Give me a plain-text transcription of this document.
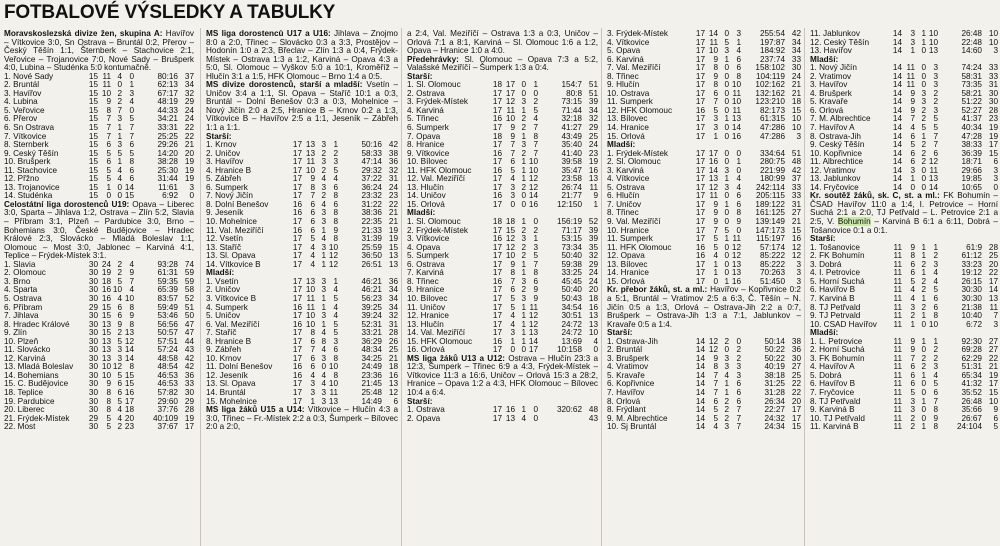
FOTBALOVÉ VÝSLEDKY A TABULKY

Moravskoslezská divize žen, skupina A: Havířov – Vítkovice 3:0, Sn Ostrava – Bruntál 0:2, Přerov – Český Těšín 1:1, Šternberk – Stachovice 2:1, Veřovice – Trojanovice 7:0, Nové Sady – Brušperk 4:0, Lubina – Studénka 5:0 kontumačně.

1. Nové Sady	15 11 4 0	80:16 37
2. Bruntál	15 11 0 1	62:13 34
3. Havířov	15 10 2 3	67:17 32
4. Lubina	15	9 2 4	48:19 29
5. Veřovice	15	8 7 0	44:33 24
6. Přerov	15	7 3 5	34:21 24
6. Sn Ostrava	15	7 1 7	33:31 22
7. Vítkovice	15	7 1 7	25:25 22
8. Šternberk	15	6 3 6	29:26 21
9. Český Těšín	15	5 5 5	14:20 20
10. Brušperk	15	6 1 8	38:28 19
11. Stachovice	15	5 4 6	25:30 19
12. Přžno	15	5 4 6	31:44 19
13. Trojanovice	15	1 0 14	11:61	3
14. Studénka	15	0 0 15	6:92	0

Celostátní liga dorostenců U19: Opava – Liberec 3:0, Sparta – Jihlava 1:2, Ostrava – Zlín 5:2, Slavia – Příbram 3:1, Plzeň – Pardubice 3:0, Brno – Bohemians 3:0, České Budějovice – Hradec Králové 2:3, Slovácko – Mladá Boleslav 1:1, Olomouc – Most 3:0, Jablonec – Karviná 4:1, Teplice – Frýdek-Místek 3:1.

1. Slavia	30 24 2 4	93:28 74
2. Olomouc	30 19 2 9	61:31 59
3. Brno	30 18 5 7	59:35 59
4. Sparta	30 16 10 4	65:39 58
5. Ostrava	30 16 4 10	83:57 52
6. Příbram	29 15 6 8	59:49 51
7. Jihlava	30 15 6 9	53:46 50
8. Hradec Králové	30 13 9 8	56:56 47
9. Zlín	30 15 2 13	50:57 47
10. Plzeň	30 13 5 12	57:51 44
11. Slovácko	30 13 3 14	57:24 43
12. Karviná	30 13 3 14	48:58 42
13. Mladá Boleslav	30 10 12 8	48:54 42
14. Bohemians	30 10 5 15	46:53 36
15. Č. Budějovice	30	9 6 15	46:53 33
18. Teplice	30	8 6 16	57:82 30
19. Pardubice	30	8 5 17	29:60 29
20. Liberec	30	8 4 18	37:76 28
21. Frýdek-Místek	29	5 4 20	40:109 19
22. Most	30	5 2 23	37:67 17

MS liga dorostenců U17 a U16: Jihlava – Znojmo 8:0 a 2:0, Třinec – Slovácko 0:3 a 3:3, Prostějov – Hodonín 1:0 a 2:3, Břeclav – Zlín 1:3 a 0:4, Frýdek-Místek – Ostrava 1:3 a 1:2, Karviná – Opava 4:3 a 5:0, Sl. Olomouc – Vyškov 5:0 a 10:1, Kroměříž – Hlučín 3:1 a 1:5, HFK Olomouc – Brno 1:4 a 0:5.

MS divize dorostenců, starší a mladší: Vsetín – Uničov 3:4 a 1:1, Sl. Opava – Staříč 10:1 a 0:3, Bruntál – Dolní Benešov 0:3 a 0:3, Mohelnice – Nový Jičín 2:0 a 2:5, Hranice B – Krnov 0:2 a 1:3, Vítkovice B – Havířov 2:5 a 1:1, Jeseník – Zábřeh 1:1 a 1:1.

Starší:
1. Krnov	17 13 3 1	50:16 42
2. Uničov	17 13 2 2	58:33 38
3. Havířov	17 11 3 3	47:14 36
4. Hranice B	17 10 2 5	29:32 32
5. Zábřeh	17	9 4 4	37:22 31
6. Šumperk	17	8 3 6	36:24 24
7. Nový Jičín	17	7 2 8	23:32 23
8. Dolní Benešov	16	6 4 6	31:22 22
9. Jeseník	16	6 3 8	38:36 21
10. Mohelnice	17	6 3 8	22:35 21
11. Val. Meziříčí	16	6 1 9	21:33 19
12. Vsetín	17	5 4 8	31:39 19
13. Staříč	17	4 3 10	25:59 15
13. Sl. Opava	17	4 1 12	36:50 13
14. Vítkovice B	17	4 1 12	26:51 13
Mladší:
1. Vsetín	17 13 3 1	46:21 36
2. Uničov	17 10 3 4	46:21 34
3. Vítkovice B	17 11 1 5	56:23 34
4. Šumperk	16 11 1 4	39:25 34
5. Uničov	17 10 3 4	39:24 32
6. Val. Meziříčí	16 10 1 5	52:31 31
7. Staříč	17	8 4 5	33:21 28
8. Hranice B	17	6 8 3	36:29 26
9. Zábřeh	17	7 4 6	48:34 25
10. Krnov	17	6 3 8	34:25 21
11. Dolní Benešov	16	6 0 10	24:49 18
12. Jeseník	16	4 4 8	23:36 16
13. Sl. Opava	17	3 4 10	21:45 13
14. Bruntál	17	3 3 11	25:48 12
15. Mohelnice	17	1 3 13	14:49	6

MS liga žáků U15 a U14: Vítkovice – Hlučín 4:3 a 3:0, Třinec – Fr.-Místek 2:2 a 0:3, Šumperk – Bílovec 2:0 a 2:0,

a 2:4, Val. Meziříčí – Ostrava 1:3 a 0:3, Uničov – Orlová 7:1 a 8:1, Karviná – Sl. Olomouc 1:6 a 1:2, Opava – Hranice 1:0 a 4:0.

Předehrávky: Sl. Olomouc – Opava 7:3 a 5:2, Valašské Meziříčí – Šumperk 1:3 a 0:4.

Starší:
1. Sl. Olomouc	18 17 0 1	154:7 51
2. Ostrava	17 17 0 0	80:8 51
3. Frýdek-Místek	17 12 3 2	73:15 39
4. Karviná	17 11 1 5	71:44 34
5. Třinec	16 10 2 4	32:18 32
6. Šumperk	17	9 2 7	41:27 29
7. Opava	18	9 1 8	43:49 25
8. Hranice	17	7 3 7	35:40 24
9. Vítkovice	16	7 2 7	41:40 23
10. Bílovec	17	6 1 10	39:58 19
11. HFK Olomouc	16	5 1 10	35:47 16
12. Val. Meziříčí	17	4 1 12	23:58 13
13. Hlučín	17	3 2 12	26:74 11
14. Uničov	16	3 0 14	21:77	9
15. Orlová	17	0 0 16	12:150	1
Mladší:
1. Sl. Olomouc	18 18 1 0	156:19 52
2. Frýdek-Místek	17 15 2 2	71:17 39
3. Vítkovice	16 12 3 1	53:15 39
4. Opava	17 12 2 3	73:34 35
5. Šumperk	17 10 2 5	50:40 32
6. Ostrava	17	9 1 7	59:38 29
7. Karviná	17	8 1 8	33:25 24
8. Třinec	16	7 3 6	45:45 24
9. Hranice	17	6 2 9	50:40 20
10. Bílovec	17	5 3 9	50:43 18
11. Uničov	17	5 1 11	34:54 16
12. Hranice	17	4 1 12	30:51 13
13. Hlučín	17	4 1 12	24:72 13
14. Val. Meziříčí	17	3 1 13	24:72 10
15. HFK Olomouc	16	1 1 14	13:69	4
16. Orlová	17	0 0 17	10:158	0

MS liga žáků U13 a U12: Ostrava – Hlučín 23:3 a 12:3, Šumperk – Třinec 6:9 a 4:3, Frýdek-Místek – Vítkovice 11:3 a 16:6, Uničov – Orlová 15:3 a 28:2, Hranice – Opava 1:2 a 4:3, HFK Olomouc – Bílovec 10:4 a 6:4.

Starší:
1. Ostrava	17 16 1 0	320:62 48
2. Opava	17 13 4 0	43
3. Frýdek-Místek	17 14 0 3	255:54 42
4. Vítkovice	17 11 5 1	197:87 34
5. Opava	17 10 3 4	184:92 34
6. Karviná	17	9 1 6	237:74 33
7. Val. Meziříčí	17	8 0 6	158:102 30
8. Třinec	17	9 0 8	104:119 24
9. Hlučín	17	8 0 10	102:162 21
10. Ostrava	17	6 0 11	132:162 21
11. Šumperk	17	7 0 10	123:210 18
12. HFK Olomouc	16	5 0 11	82:173 15
13. Bílovec	17	3 1 13	61:315 10
14. Hranice	17	3 0 14	47:286 10
15. Orlová	17	1 0 16	47:286	3
Mladší:
1. Frýdek-Místek	17 17 0 0	334:64 51
2. Sl. Olomouc	17 16 0 1	280:75 48
3. Karviná	17 14 3 0	221:99 42
4. Vítkovice	17 13 1 4	180:99 37
5. Ostrava	17 12 3 4	242:114 33
6. Hlučín	17 11 0 6	205:115 33
7. Uničov	17	9 1 6	189:122 31
8. Třinec	17	9 0 8	161:125 27
9. Val. Meziříčí	17	9 0 9	139:149 21
10. Hranice	17	7 5 0	147:173 15
11. Šumperk	17	5 1 11	115:197 16
11. HFK Olomouc	16	5 0 12	57:174 12
12. Opava	16	4 0 12	85:222 12
13. Bílovec	17	1 0 13	85:222	3
14. Hranice	17	1 0 13	70:263	3
15. Orlová	17	0 1 16	51:450	3

Kr. přebor žáků, st. a ml.: Havířov – Kopřivnice 0:2 a 5:1, Bruntál – Vratimov 2:5 a 6:3, Č. Těšín – N. Jičín 0:5 a 1:3, Orlová – Ostrava-Jih 2:2 a 0:7, Brušperk – Ostrava-Jih 1:3 a 7:1, Jablunkov – Kravaře 0:5 a 1:4.

Starší:
1. Ostrava-Jih	14 12 2 0	50:14 38
2. Bruntál	14 12 0 2	50:22 36
3. Brušperk	14	9 3 2	50:22 30
4. Vratimov	14	8 3 3	40:19 27
5. Kravaře	14	7 4 3	38:18 25
6. Kopřivnice	14	7 1 6	31:25 22
7. Havířov	14	7 1 6	31:28 22
8. Orlová	14	6 2 6	26:34 20
8. Frýdlant	14	5 2 7	22:27 17
9. M. Albrechtice	14	5 2 7	24:32 17
10. Sj Bruntál	14	4 3 7	24:34 15
11. Jablunkov	14	3 1 10	26:48 10
12. Český Těšín	14	3 1 10	22:48 10
13. Havířov	14	1 0 13	14:60	3
Mladší:
1. Nový Jičín	14 11 0 3	74:24 33
2. Vratimov	14 11 0 3	58:31 33
3. Havířov	14 11 0 3	73:35 31
4. Brušperk	14	9 3 2	58:21 30
5. Kravaře	14	9 3 2	51:22 30
6. Orlová	14	9 2 3	52:27 28
7. M. Albrechtice	14	7 2 5	41:37 23
7. Havířov A	14	4 5 5	40:34 19
8. Ostrava-Jih	14	6 1 7	47:28 19
9. Český Těšín	14	5 2 7	38:33 17
10. Kopřivnice	14	6 2 6	36:39 15
11. Albrechtice	14	6 2 12	18:71	6
12. Vratimov	14	3 0 11	29:66	3
13. Jablunkov	14	1 0 13	19:85	3
14. Fryčovice	14	0 0 14	10:65	0

Kr. soutěž žáků, sk. C, st. a ml.: FK Bohumín – ČSAD Havířov 11:0 a 1:4, I. Petrovice – Horní Suchá 2:1 a 2:0, TJ Petřvald – L. Petrovice 2:1 a 2:5, V. Bohumín – Karviná B 6:1 a 6:11, Dobrá – Tošanovice 0:1 a 0:1.

Starší:
1. Tošanovice	11	9 1 1	61:9 28
2. FK Bohumín	11	8 1 2	61:12 25
3. Dobrá	11	6 2 3	33:23 20
4. I. Petrovice	11	6 1 4	19:12 22
5. Horní Suchá	11	5 2 4	26:15 17
6. Havířov B	11	4 2 5	30:30 14
7. Karviná B	11	4 1 6	30:30 13
8. TJ Petřvald	11	3 2 6	21:38 11
9. TJ Petrvald	11	2 1 8	10:40	7
10. ČSAD Havířov	11	1 0 10	6:72	3
Mladší:
1. L. Petrovice	11	9 1 1	92:30 27
2. Horní Suchá	11	9 0 2	69:28 27
3. FK Bohumín	11	7 2 2	62:29 22
4. Havířov A	11	6 2 3	51:31 21
5. Dobrá	11	6 1 4	65:34 19
6. Havířov B	11	6 0 5	41:32 17
7. Fryčovice	11	5 0 6	35:52 15
8. TJ Petřvald	11	3 1 7	26:48 10
9. Karviná B	11	3 0 8	35:66	9
10. TJ Petřvald	11	2 0 9	26:67	6
11. Karviná B	11	2 1 8	24:104	5
